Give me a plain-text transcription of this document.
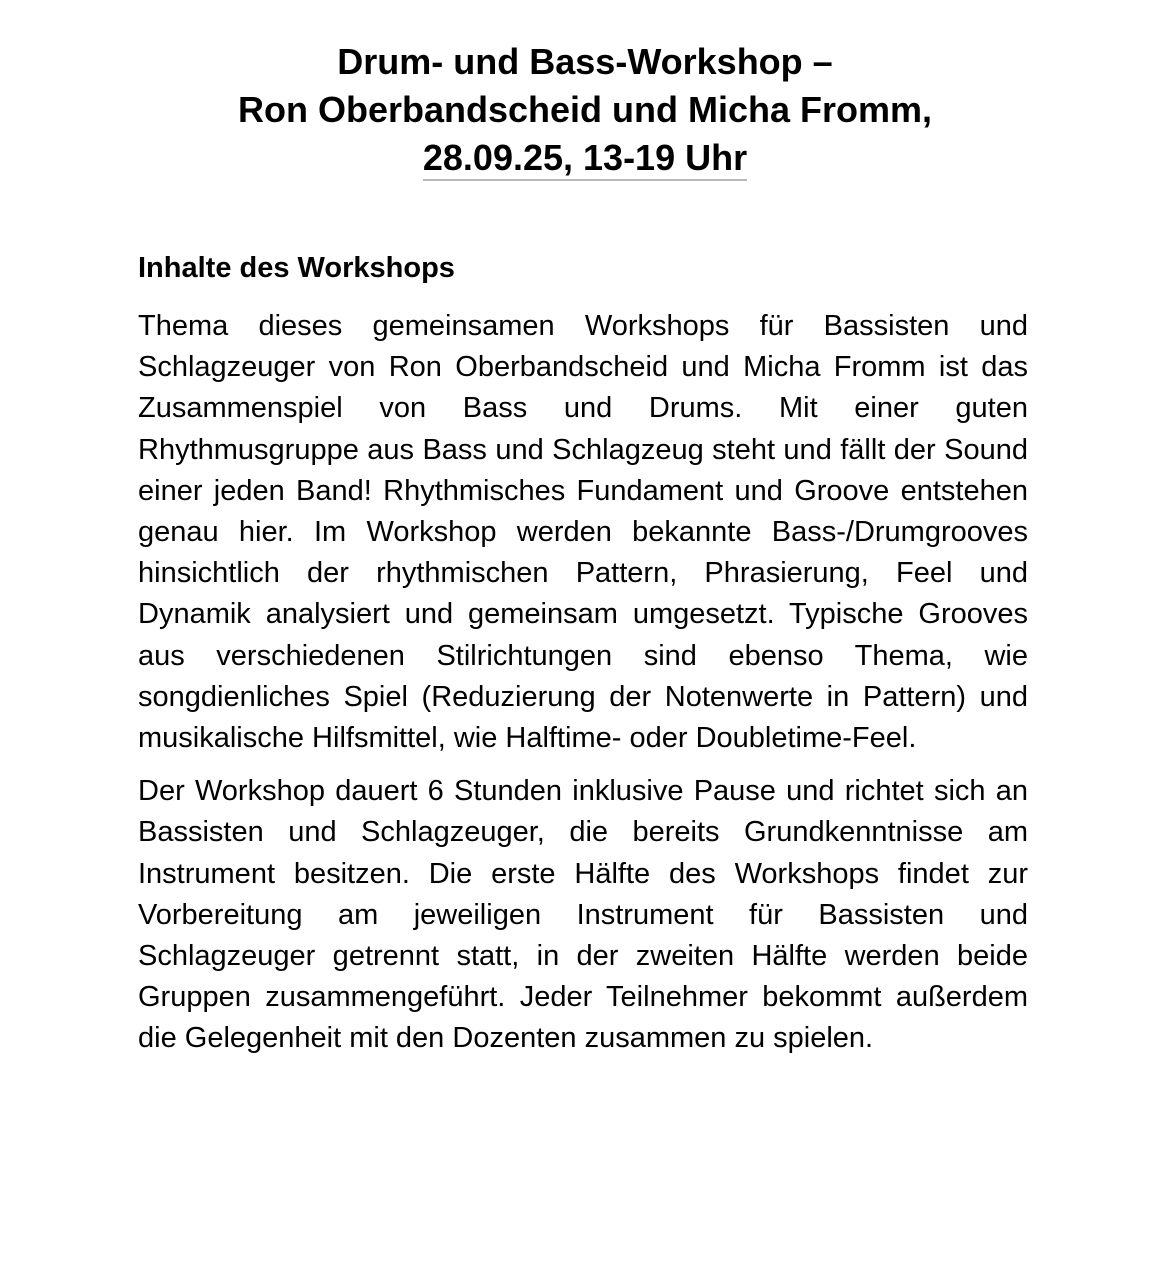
Drum- und Bass-Workshop –
Ron Oberbandscheid und Micha Fromm,
28.09.25, 13-19 Uhr
Inhalte des Workshops

Thema dieses gemeinsamen Workshops für Bassisten und Schlagzeuger von Ron Oberbandscheid und Micha Fromm ist das Zusammenspiel von Bass und Drums. Mit einer guten Rhythmusgruppe aus Bass und Schlagzeug steht und fällt der Sound einer jeden Band! Rhythmisches Fundament und Groove entstehen genau hier. Im Workshop werden bekannte Bass-/Drumgrooves hinsichtlich der rhythmischen Pattern, Phrasierung, Feel und Dynamik analysiert und gemeinsam umgesetzt. Typische Grooves aus verschiedenen Stilrichtungen sind ebenso Thema, wie songdienliches Spiel (Reduzierung der Notenwerte in Pattern) und musikalische Hilfsmittel, wie Halftime- oder Doubletime-Feel.

Der Workshop dauert 6 Stunden inklusive Pause und richtet sich an Bassisten und Schlagzeuger, die bereits Grundkenntnisse am Instrument besitzen. Die erste Hälfte des Workshops findet zur Vorbereitung am jeweiligen Instrument für Bassisten und Schlagzeuger getrennt statt, in der zweiten Hälfte werden beide Gruppen zusammengeführt. Jeder Teilnehmer bekommt außerdem die Gelegenheit mit den Dozenten zusammen zu spielen.
